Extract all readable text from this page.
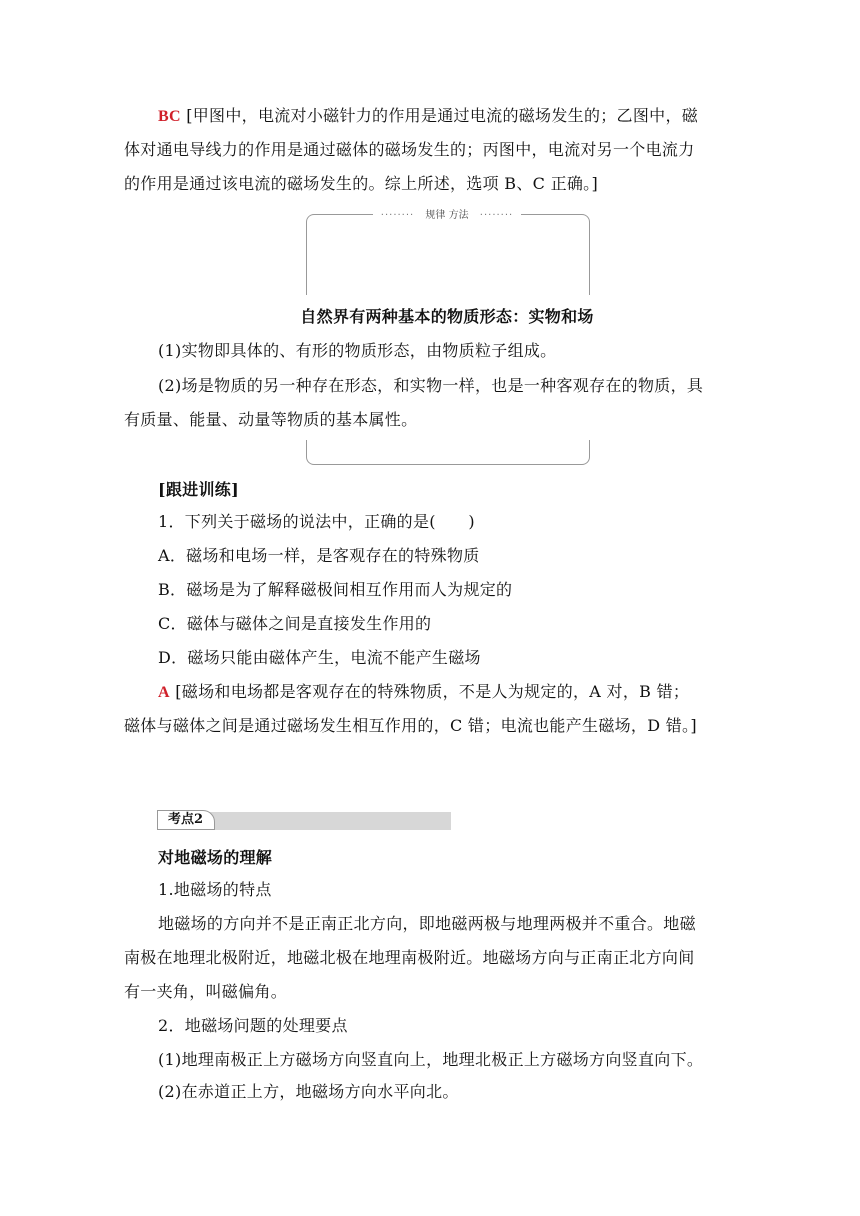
BC [甲图中，电流对小磁针力的作用是通过电流的磁场发生的；乙图中，磁
体对通电导线力的作用是通过磁体的磁场发生的；丙图中，电流对另一个电流力
的作用是通过该电流的磁场发生的。综上所述，选项 B、C 正确。]
········ 规律 方法 ········
自然界有两种基本的物质形态：实物和场
(1)实物即具体的、有形的物质形态，由物质粒子组成。
(2)场是物质的另一种存在形态，和实物一样，也是一种客观存在的物质，具
有质量、能量、动量等物质的基本属性。
[跟进训练]
1．下列关于磁场的说法中，正确的是(　　)
A．磁场和电场一样，是客观存在的特殊物质
B．磁场是为了解释磁极间相互作用而人为规定的
C．磁体与磁体之间是直接发生作用的
D．磁场只能由磁体产生，电流不能产生磁场
A [磁场和电场都是客观存在的特殊物质，不是人为规定的，A 对，B 错；
磁体与磁体之间是通过磁场发生相互作用的，C 错；电流也能产生磁场，D 错。]
考点2
对地磁场的理解
1.地磁场的特点
地磁场的方向并不是正南正北方向，即地磁两极与地理两极并不重合。地磁
南极在地理北极附近，地磁北极在地理南极附近。地磁场方向与正南正北方向间
有一夹角，叫磁偏角。
2．地磁场问题的处理要点
(1)地理南极正上方磁场方向竖直向上，地理北极正上方磁场方向竖直向下。
(2)在赤道正上方，地磁场方向水平向北。
